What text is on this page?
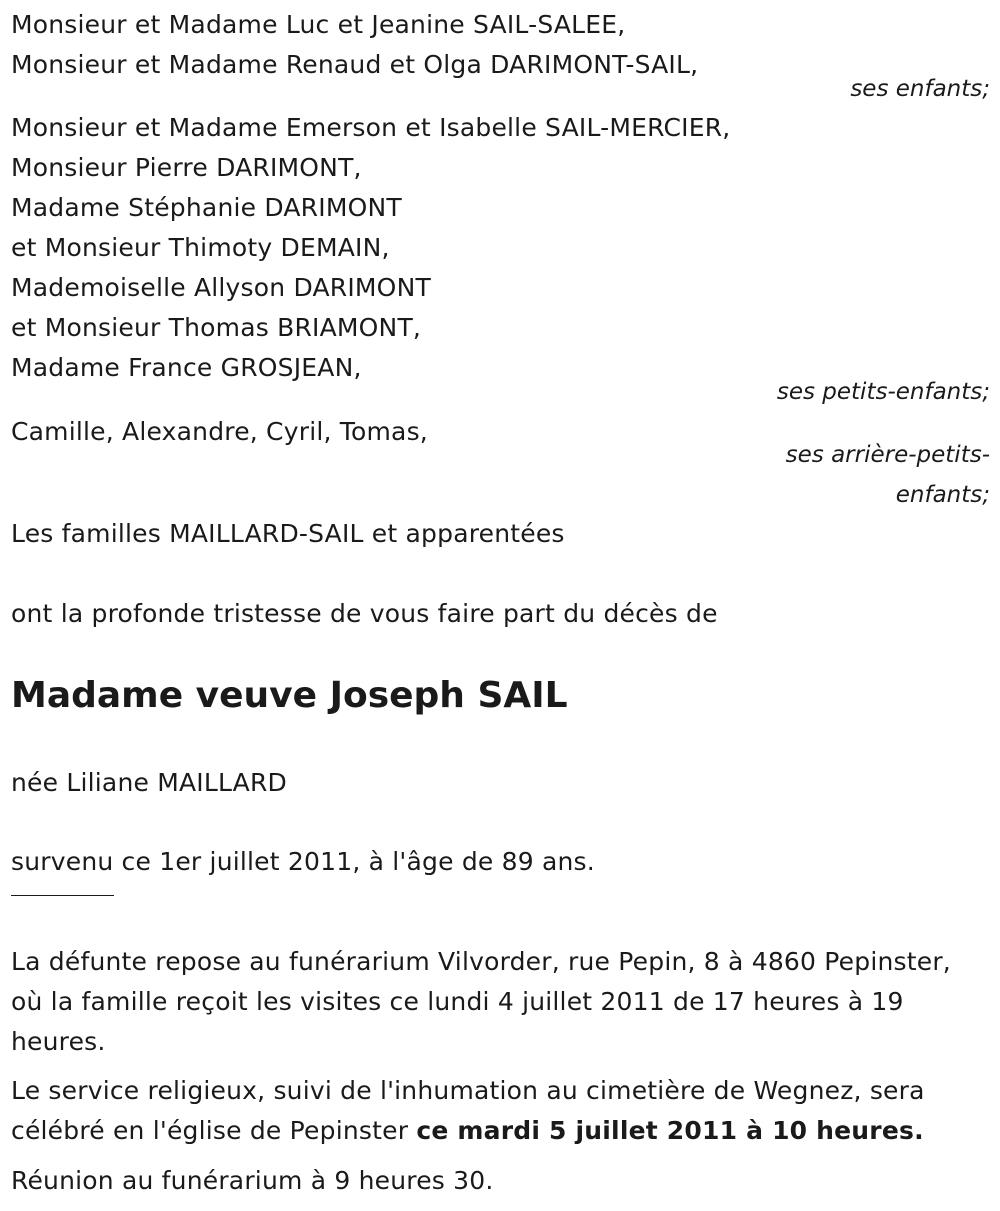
Monsieur et Madame Luc et Jeanine SAIL-SALEE,
Monsieur et Madame Renaud et Olga DARIMONT-SAIL,
ses enfants;
Monsieur et Madame Emerson et Isabelle SAIL-MERCIER,
Monsieur Pierre DARIMONT,
Madame Stéphanie DARIMONT
et Monsieur Thimoty DEMAIN,
Mademoiselle Allyson DARIMONT
et Monsieur Thomas BRIAMONT,
Madame France GROSJEAN,
ses petits-enfants;
Camille, Alexandre, Cyril, Tomas,
ses arrière-petits-
enfants;
Les familles MAILLARD-SAIL et apparentées
ont la profonde tristesse de vous faire part du décès de
Madame veuve Joseph SAIL
née Liliane MAILLARD
survenu ce 1er juillet 2011, à l'âge de 89 ans.
La défunte repose au funérarium Vilvorder, rue Pepin, 8 à 4860 Pepinster, où la famille reçoit les visites ce lundi 4 juillet 2011 de 17 heures à 19 heures.
Le service religieux, suivi de l'inhumation au cimetière de Wegnez, sera célébré en l'église de Pepinster ce mardi 5 juillet 2011 à 10 heures.
Réunion au funérarium à 9 heures 30.
